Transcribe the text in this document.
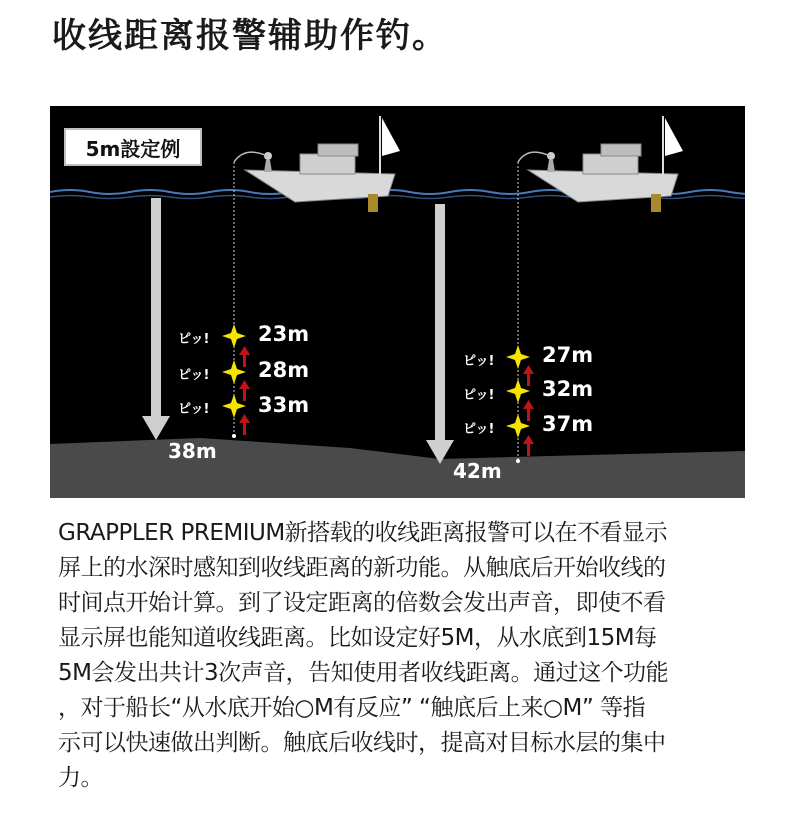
收线距离报警辅助作钓。
5m設定例
ピッ! 23m
ピッ! 28m
ピッ! 33m
38m
ピッ! 27m
ピッ! 32m
ピッ! 37m
42m
GRAPPLER PREMIUM新搭载的收线距离报警可以在不看显示
屏上的水深时感知到收线距离的新功能。从触底后开始收线的
时间点开始计算。到了设定距离的倍数会发出声音，即使不看
显示屏也能知道收线距离。比如设定好5M，从水底到15M每
5M会发出共计3次声音，告知使用者收线距离。通过这个功能
，对于船长“从水底开始○M有反应” “触底后上来○M” 等指
示可以快速做出判断。触底后收线时，提高对目标水层的集中
力。
